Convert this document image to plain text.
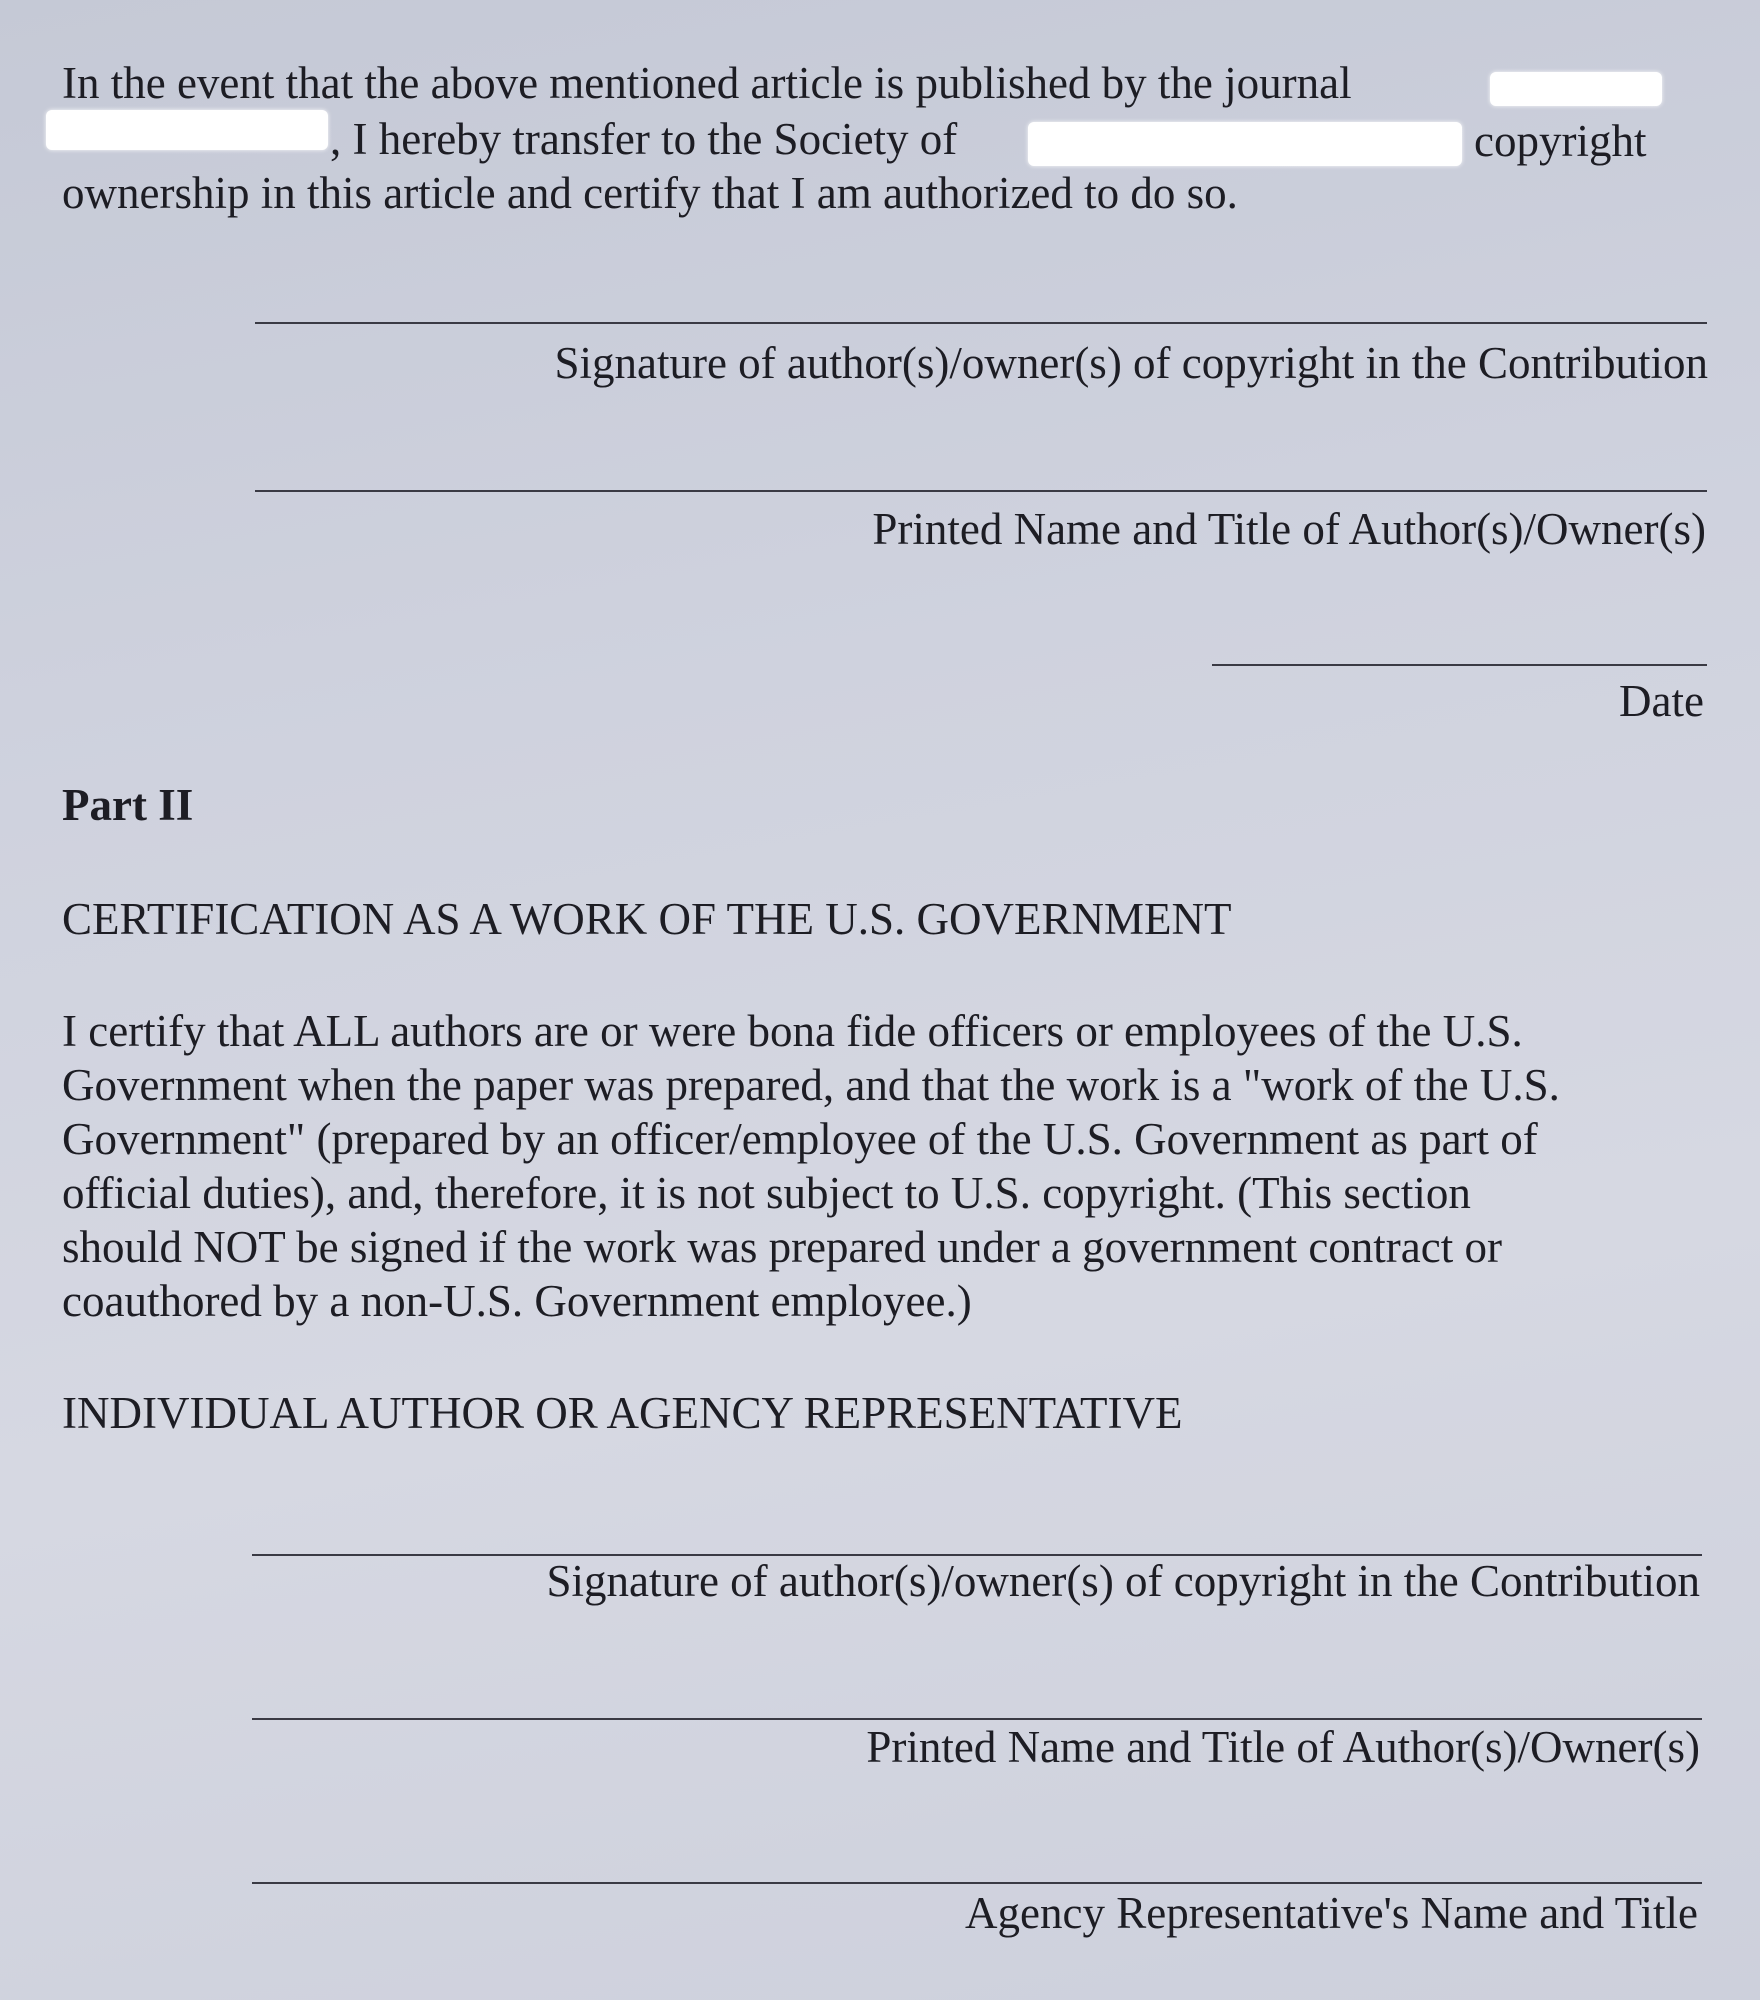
In the event that the above mentioned article is published by the journal
, I hereby transfer to the Society of	copyright
ownership in this article and certify that I am authorized to do so.
Signature of author(s)/owner(s) of copyright in the Contribution
Printed Name and Title of Author(s)/Owner(s)
Date
Part II
CERTIFICATION AS A WORK OF THE U.S. GOVERNMENT
I certify that ALL authors are or were bona fide officers or employees of the U.S.
Government when the paper was prepared, and that the work is a "work of the U.S.
Government" (prepared by an officer/employee of the U.S. Government as part of
official duties), and, therefore, it is not subject to U.S. copyright. (This section
should NOT be signed if the work was prepared under a government contract or
coauthored by a non-U.S. Government employee.)
INDIVIDUAL AUTHOR OR AGENCY REPRESENTATIVE
Signature of author(s)/owner(s) of copyright in the Contribution
Printed Name and Title of Author(s)/Owner(s)
Agency Representative's Name and Title
